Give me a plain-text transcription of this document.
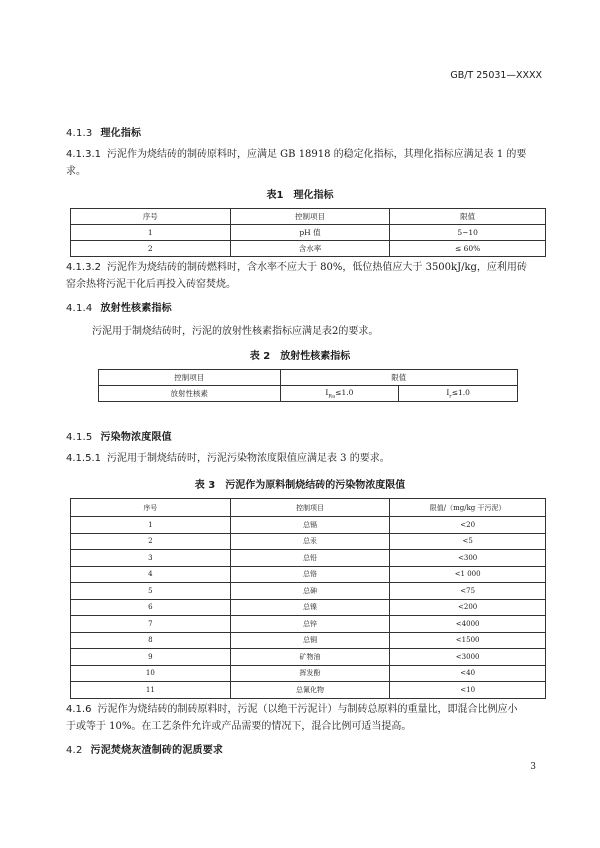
GB/T 25031—XXXX
4.1.3 理化指标
4.1.3.1 污泥作为烧结砖的制砖原料时，应满足 GB 18918 的稳定化指标，其理化指标应满足表 1 的要
求。
表1　理化指标
序号	控制项目	限值
1	pH 值	5~10
2	含水率	≤ 60%
4.1.3.2 污泥作为烧结砖的制砖燃料时，含水率不应大于 80%，低位热值应大于 3500kJ/kg，应利用砖
窑余热将污泥干化后再投入砖窑焚烧。
4.1.4 放射性核素指标
污泥用于制烧结砖时，污泥的放射性核素指标应满足表2的要求。
表 2　放射性核素指标
控制项目	限值	
放射性核素	$I_{Ra}\le 1.0$	$I_r\le 1.0$
4.1.5 污染物浓度限值
4.1.5.1 污泥用于制烧结砖时，污泥污染物浓度限值应满足表 3 的要求。
表 3　污泥作为原料制烧结砖的污染物浓度限值
序号	控制项目	限值/（mg/kg 干污泥）
1	总镉	<20
2	总汞	<5
3	总铅	<300
4	总铬	<1 000
5	总砷	<75
6	总镍	<200
7	总锌	<4000
8	总铜	<1500
9	矿物油	<3000
10	挥发酚	<40
11	总氰化物	<10
4.1.6 污泥作为烧结砖的制砖原料时，污泥（以绝干污泥计）与制砖总原料的重量比，即混合比例应小
于或等于 10%。在工艺条件允许或产品需要的情况下，混合比例可适当提高。
4.2 污泥焚烧灰渣制砖的泥质要求
3
